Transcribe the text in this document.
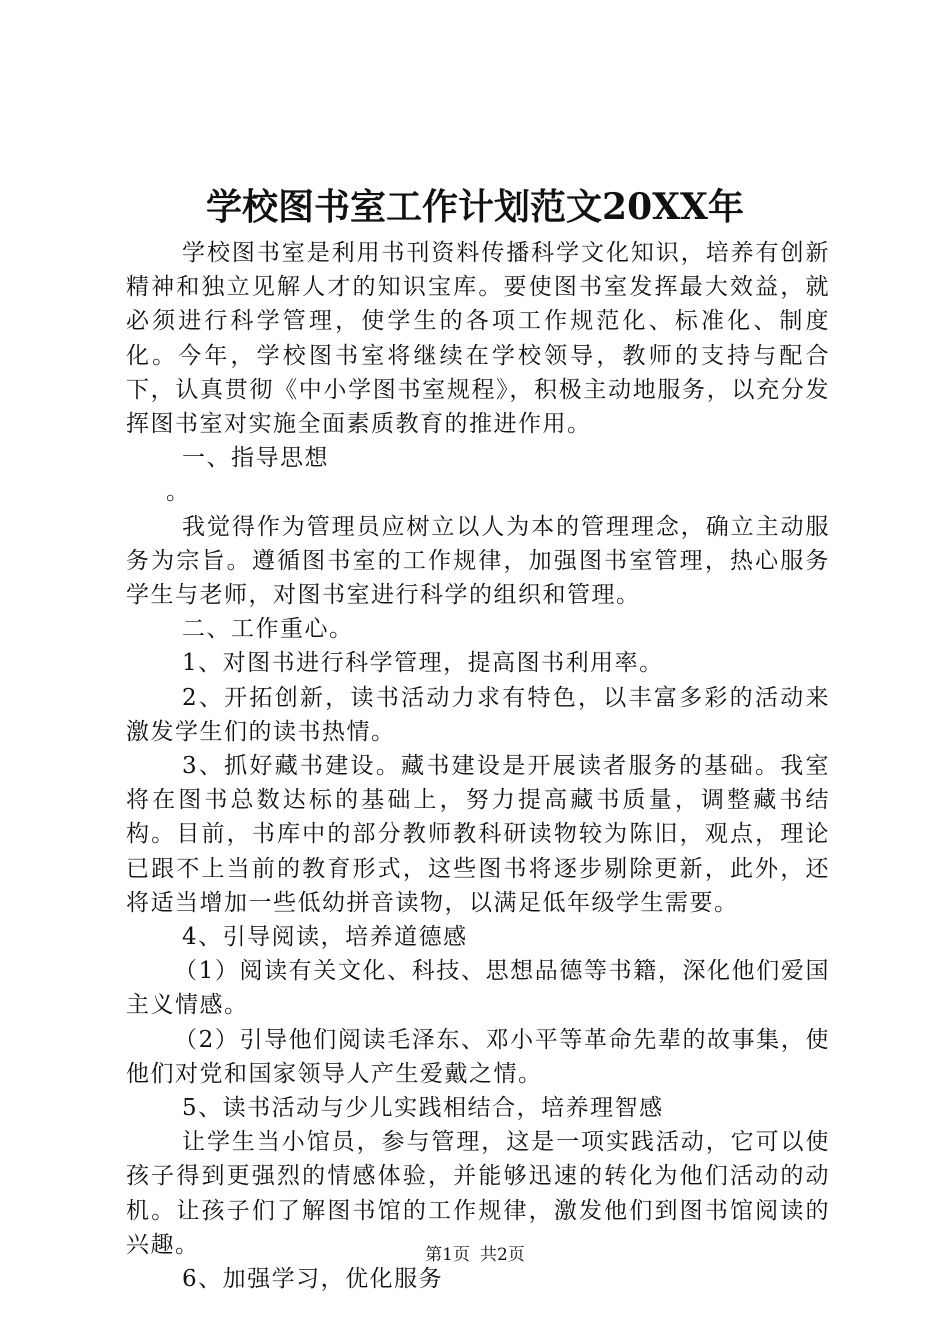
学校图书室工作计划范文20XX年

学校图书室是利用书刊资料传播科学文化知识，培养有创新精神和独立见解人才的知识宝库。要使图书室发挥最大效益，就必须进行科学管理，使学生的各项工作规范化、标准化、制度化。今年，学校图书室将继续在学校领导，教师的支持与配合下，认真贯彻《中小学图书室规程》，积极主动地服务，以充分发挥图书室对实施全面素质教育的推进作用。

一、指导思想

。

我觉得作为管理员应树立以人为本的管理理念，确立主动服务为宗旨。遵循图书室的工作规律，加强图书室管理，热心服务学生与老师，对图书室进行科学的组织和管理。

二、工作重心。

1、对图书进行科学管理，提高图书利用率。

2、开拓创新，读书活动力求有特色，以丰富多彩的活动来激发学生们的读书热情。

3、抓好藏书建设。藏书建设是开展读者服务的基础。我室将在图书总数达标的基础上，努力提高藏书质量，调整藏书结构。目前，书库中的部分教师教科研读物较为陈旧，观点，理论已跟不上当前的教育形式，这些图书将逐步剔除更新，此外，还将适当增加一些低幼拼音读物，以满足低年级学生需要。

4、引导阅读，培养道德感

（1）阅读有关文化、科技、思想品德等书籍，深化他们爱国主义情感。

（2）引导他们阅读毛泽东、邓小平等革命先辈的故事集，使他们对党和国家领导人产生爱戴之情。

5、读书活动与少儿实践相结合，培养理智感

让学生当小馆员，参与管理，这是一项实践活动，它可以使孩子得到更强烈的情感体验，并能够迅速的转化为他们活动的动机。让孩子们了解图书馆的工作规律，激发他们到图书馆阅读的兴趣。

6、加强学习，优化服务

第1页 共2页
